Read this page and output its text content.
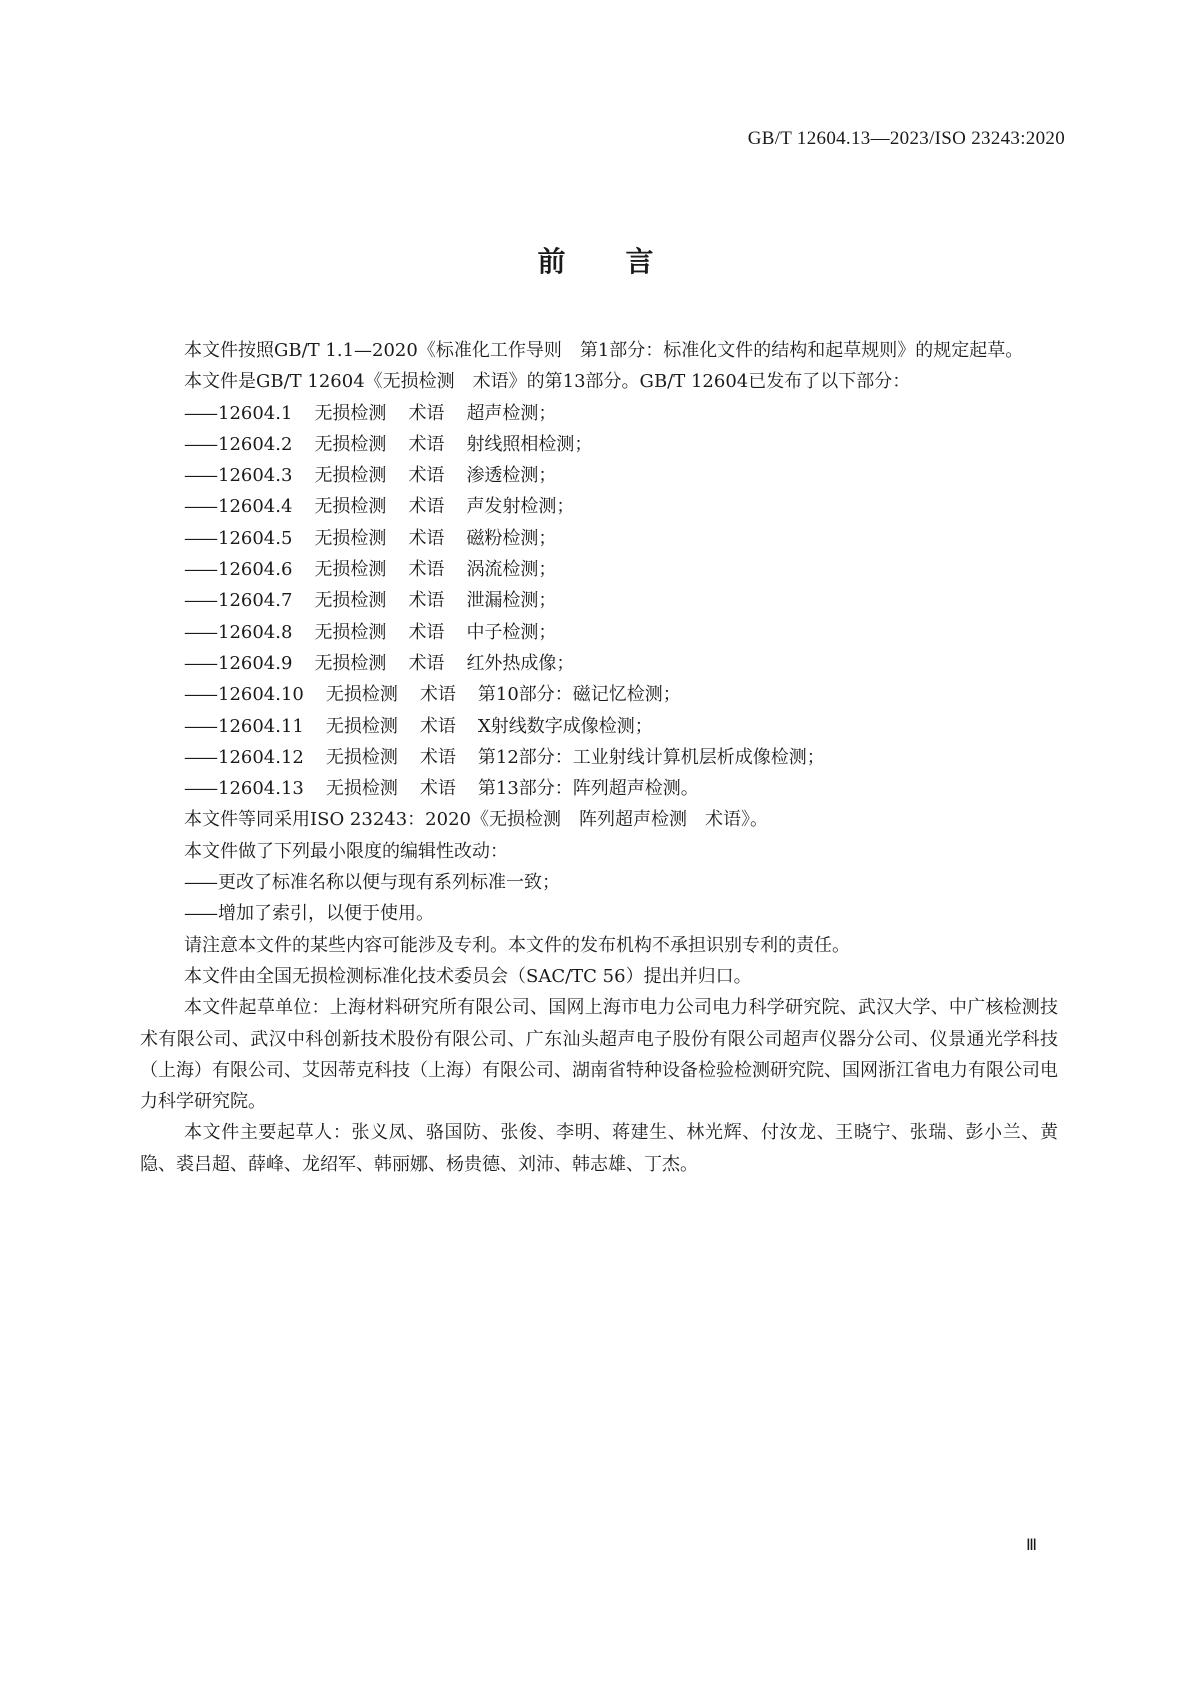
GB/T 12604.13—2023/ISO 23243:2020
前言

本文件按照GB/T 1.1—2020《标准化工作导则　第1部分：标准化文件的结构和起草规则》的规定起草。

本文件是GB/T 12604《无损检测　术语》的第13部分。GB/T 12604已发布了以下部分：

—— 12604.1 无损检测 术语 超声检测；
—— 12604.2 无损检测 术语 射线照相检测；
—— 12604.3 无损检测 术语 渗透检测；
—— 12604.4 无损检测 术语 声发射检测；
—— 12604.5 无损检测 术语 磁粉检测；
—— 12604.6 无损检测 术语 涡流检测；
—— 12604.7 无损检测 术语 泄漏检测；
—— 12604.8 无损检测 术语 中子检测；
—— 12604.9 无损检测 术语 红外热成像；
—— 12604.10 无损检测 术语 第10部分：磁记忆检测；
—— 12604.11 无损检测 术语 X射线数字成像检测；
—— 12604.12 无损检测 术语 第12部分：工业射线计算机层析成像检测；
—— 12604.13 无损检测 术语 第13部分：阵列超声检测。

本文件等同采用ISO 23243：2020《无损检测　阵列超声检测　术语》。

本文件做了下列最小限度的编辑性改动：

—— 更改了标准名称以便与现有系列标准一致；
—— 增加了索引，以便于使用。

请注意本文件的某些内容可能涉及专利。本文件的发布机构不承担识别专利的责任。

本文件由全国无损检测标准化技术委员会（SAC/TC 56）提出并归口。

本文件起草单位：上海材料研究所有限公司、国网上海市电力公司电力科学研究院、武汉大学、中广核检测技术有限公司、武汉中科创新技术股份有限公司、广东汕头超声电子股份有限公司超声仪器分公司、仪景通光学科技（上海）有限公司、艾因蒂克科技（上海）有限公司、湖南省特种设备检验检测研究院、国网浙江省电力有限公司电力科学研究院。

本文件主要起草人：张义凤、骆国防、张俊、李明、蒋建生、林光辉、付汝龙、王晓宁、张瑞、彭小兰、黄隐、裘吕超、薛峰、龙绍军、韩丽娜、杨贵德、刘沛、韩志雄、丁杰。

Ⅲ
